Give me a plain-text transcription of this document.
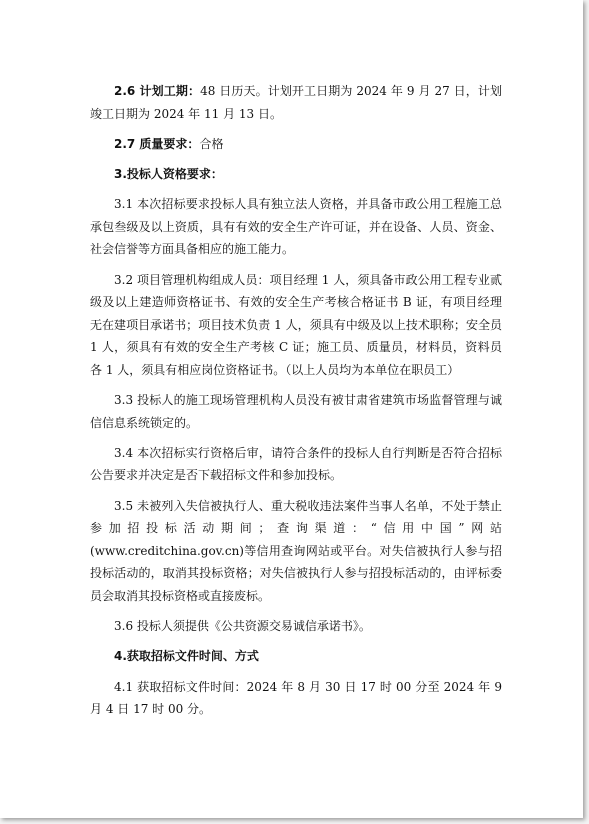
2.6 计划工期：48 日历天。计划开工日期为 2024 年 9 月 27 日，计划竣工日期为 2024 年 11 月 13 日。

2.7 质量要求：合格

3.投标人资格要求：

3.1 本次招标要求投标人具有独立法人资格，并具备市政公用工程施工总承包叁级及以上资质，具有有效的安全生产许可证，并在设备、人员、资金、社会信誉等方面具备相应的施工能力。

3.2 项目管理机构组成人员：项目经理 1 人，须具备市政公用工程专业贰级及以上建造师资格证书、有效的安全生产考核合格证书 B 证，有项目经理无在建项目承诺书；项目技术负责 1 人，须具有中级及以上技术职称；安全员 1 人，须具有有效的安全生产考核 C 证；施工员、质量员，材料员，资料员各 1 人，须具有相应岗位资格证书。（以上人员均为本单位在职员工）

3.3 投标人的施工现场管理机构人员没有被甘肃省建筑市场监督管理与诚信信息系统锁定的。

3.4 本次招标实行资格后审，请符合条件的投标人自行判断是否符合招标公告要求并决定是否下载招标文件和参加投标。

3.5 未被列入失信被执行人、重大税收违法案件当事人名单，不处于禁止参加招投标活动期间；查询渠道：“信用中国”网站(www.creditchina.gov.cn)等信用查询网站或平台。对失信被执行人参与招投标活动的，取消其投标资格；对失信被执行人参与招投标活动的，由评标委员会取消其投标资格或直接废标。

3.6 投标人须提供《公共资源交易诚信承诺书》。

4.获取招标文件时间、方式

4.1 获取招标文件时间：2024 年 8 月 30 日 17 时 00 分至 2024 年 9 月 4 日 17 时 00 分。
